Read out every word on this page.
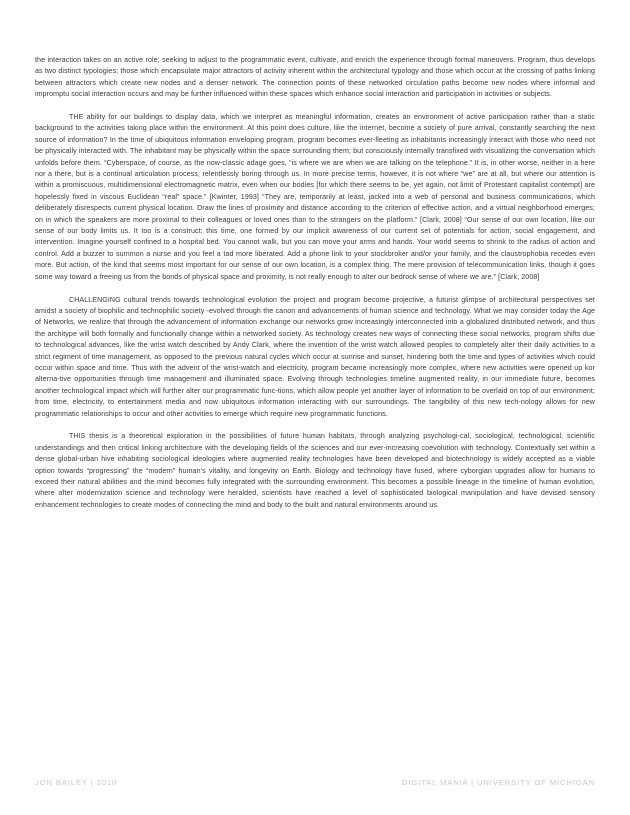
the interaction takes on an active role; seeking to adjust to the programmatic event, cultivate, and enrich the experience through formal maneuvers. Program, thus develops as two distinct typologies; those which encapsulate major attractors of activity inherent within the architectural typology and those which occur at the crossing of paths linking between attractors which create new nodes and a denser network. The connection points of these networked circulation paths become new nodes where informal and impromptu social interaction occurs and may be further influenced within these spaces which enhance social interaction and participation in activities or subjects.

THE ability for our buildings to display data, which we interpret as meaningful information, creates an environment of active participation rather than a static background to the activities taking place within the environment. At this point does culture, like the internet, become a society of pure arrival, constantly searching the next source of information? In the time of ubiquitous information enveloping program, program becomes ever-fleeting as inhabitants increasingly interact with those who need not be physically interacted with. The inhabitant may be physically within the space surrounding them; but consciously internally transfixed with visualizing the conversation which unfolds before them. “Cyberspace, of course, as the now-classic adage goes, “is where we are when we are talking on the telephone.” It is, in other worse, neither in a here nor a there, but is a continual articulation process, relentlessly boring through us. In more precise terms, however, it is not where “we” are at all, but where our attention is within a promiscuous, multidimensional electromagnetic matrix, even when our bodies [for which there seems to be, yet again, not limit of Protestant capitalist contempt] are hopelessly fixed in viscous Euclidean “real” space.” [Kwinter, 1993] “They are, temporarily at least, jacked into a web of personal and business communications, which deliberately disrespects current physical location. Draw the lines of proximity and distance according to the criterion of effective action, and a virtual neighborhood emerges; on in which the speakers are more proximal to their colleagues or loved ones than to the strangers on the platform.” [Clark, 2008] “Our sense of our own location, like our sense of our body limits us. It too is a construct: this time, one formed by our implicit awareness of our current set of potentials for action, social engagement, and intervention. Imagine yourself confined to a hospital bed. You cannot walk, but you can move your arms and hands. Your world seems to shrink to the radius of action and control. Add a buzzer to summon a nurse and you feel a tad more liberated. Add a phone link to your stockbroker and/or your family, and the claustrophobia recedes even more. But action, of the kind that seems most important for our sense of our own location, is a complex thing. The mere provision of telecommunication links, though it goes some way toward a freeing us from the bonds of physical space and proximity, is not really enough to alter our bedrock sense of where we are.” [Clark, 2008]

CHALLENGING cultural trends towards technological evolution the project and program become projective, a futurist glimpse of architectural perspectives set amidst a society of biophilic and technophilic society -evolved through the canon and advancements of human science and technology. What we may consider today the Age of Networks, we realize that through the advancement of information exchange our networks grow increasingly interconnected into a globalized distributed network, and thus the architype will both formally and functionally change within a networked society. As technology creates new ways of connecting these social networks, program shifts due to technological advances, like the wrist watch described by Andy Clark, where the invention of the wrist watch allowed peoples to completely alter their daily activities to a strict regiment of time management, as opposed to the previous natural cycles which occur at sunrise and sunset, hindering both the time and types of activities which could occur within space and time. Thus with the advent of the wrist-watch and electricity, program became increasingly more complex, where new activities were opened up kor alterna-tive opportunities through time management and illuminated space. Evolving through technologies timeline augmented reality, in our immediate future, becomes another technological impact which will further alter our programmatic func-tions, which allow people yet another layer of information to be overlaid on top of our environment; from time, electricity, to entertainment media and now ubiquitous information interacting with our surroundings. The tangibility of this new tech-nology allows for new programmatic relationships to occur and other activities to emerge which require new programmatic functions.

THIS thesis is a theoretical exploration in the possibilities of future human habitats, through analyzing psychologi-cal, sociological, technological, scientific understandings and then critical linking architecture with the developing fields of the sciences and our ever-increasing coevolution with technology. Contextually set within a dense global-urban hive inhabiting sociological ideologies where augmented reality technologies have been developed and biotechnology is widely accepted as a viable option towards “progressing” the “modern” human’s vitality, and longevity on Earth. Biology and technology have fused, where cyborgian upgrades allow for humans to exceed their natural abilities and the mind becomes fully integrated with the surrounding environment. This becomes a possible lineage in the timeline of human evolution, where after modernization science and technology were heralded, scientists have reached a level of sophisticated biological manipulation and have devised sensory enhancement technologies to create modes of connecting the mind and body to the built and natural environments around us.

JON BAILEY | 2010	DIGITAL MANIA | UNIVERSITY OF MICHIGAN
